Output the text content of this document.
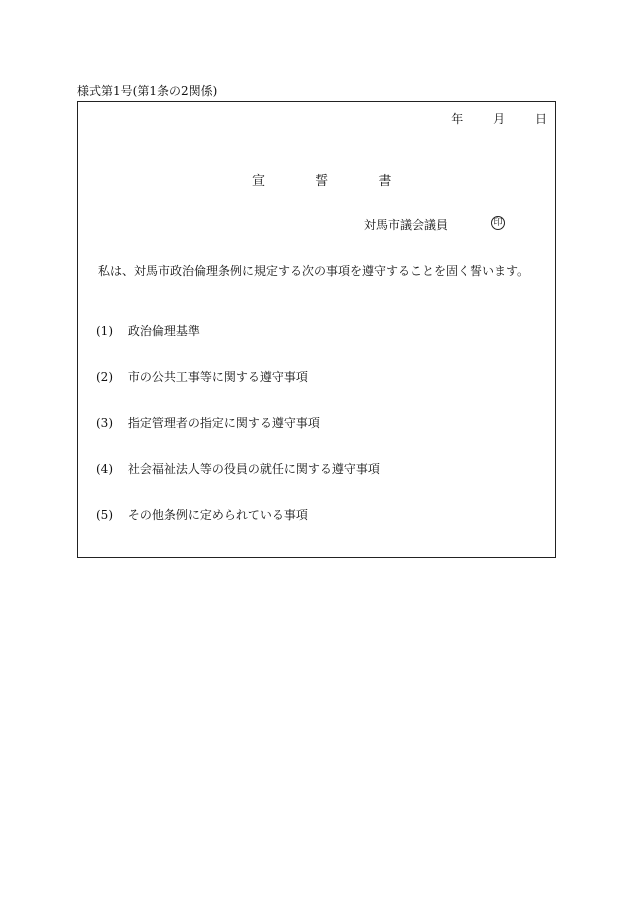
様式第1号(第1条の2関係)
年 月 日
宣	誓	書
対馬市議会議員	印
私は、対馬市政治倫理条例に規定する次の事項を遵守することを固く誓います。
(1) 政治倫理基準
(2) 市の公共工事等に関する遵守事項
(3) 指定管理者の指定に関する遵守事項
(4) 社会福祉法人等の役員の就任に関する遵守事項
(5) その他条例に定められている事項
